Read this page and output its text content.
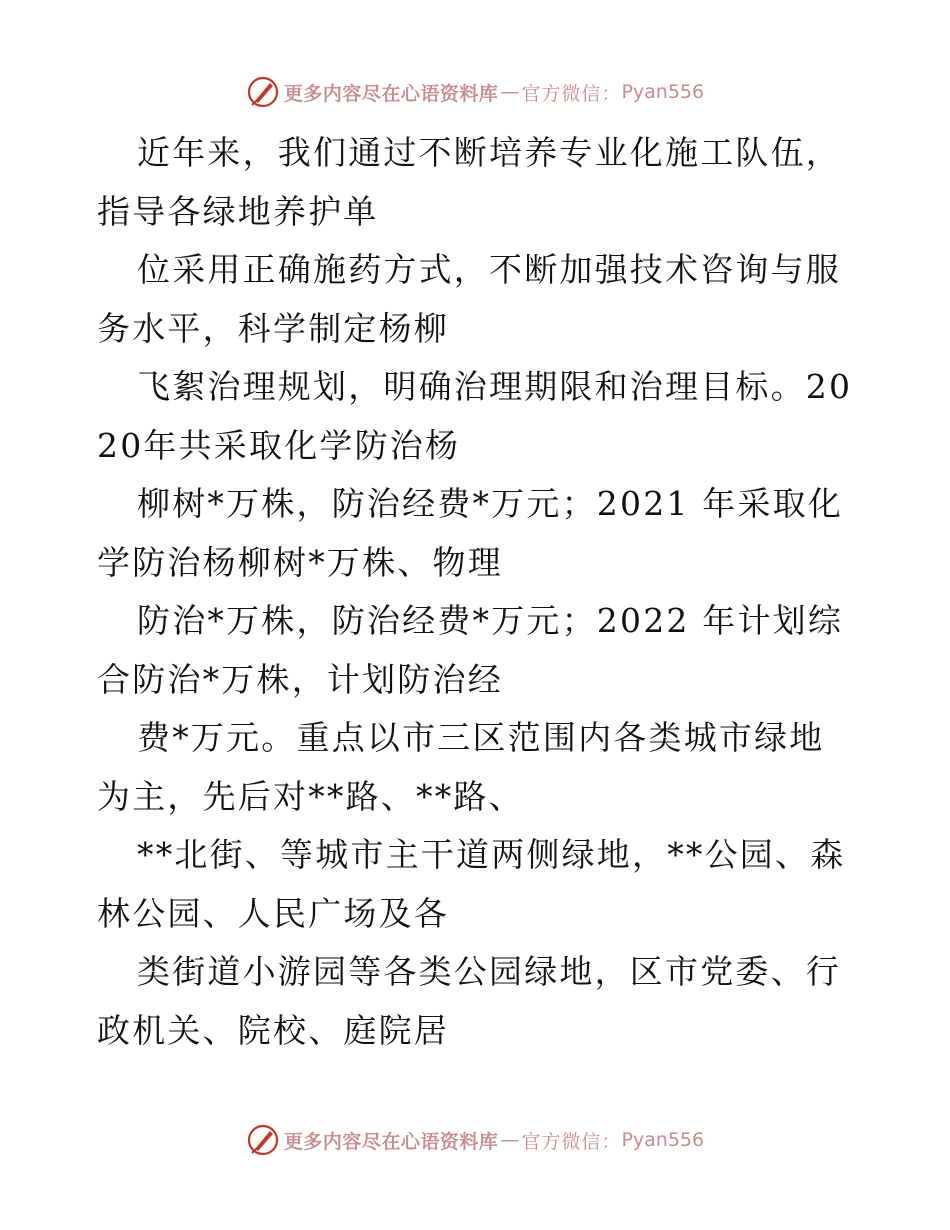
更多内容尽在心语资料库 — 官方微信： Pyan556

近年来，我们通过不断培养专业化施工队伍，指导各绿地养护单

位采用正确施药方式，不断加强技术咨询与服务水平，科学制定杨柳

飞絮治理规划，明确治理期限和治理目标。2020年共采取化学防治杨

柳树*万株，防治经费*万元；2021 年采取化学防治杨柳树*万株、物理

防治*万株，防治经费*万元；2022 年计划综合防治*万株，计划防治经

费*万元。重点以市三区范围内各类城市绿地为主，先后对**路、**路、

**北街、等城市主干道两侧绿地，**公园、森林公园、人民广场及各

类街道小游园等各类公园绿地，区市党委、行政机关、院校、庭院居

更多内容尽在心语资料库 — 官方微信： Pyan556
